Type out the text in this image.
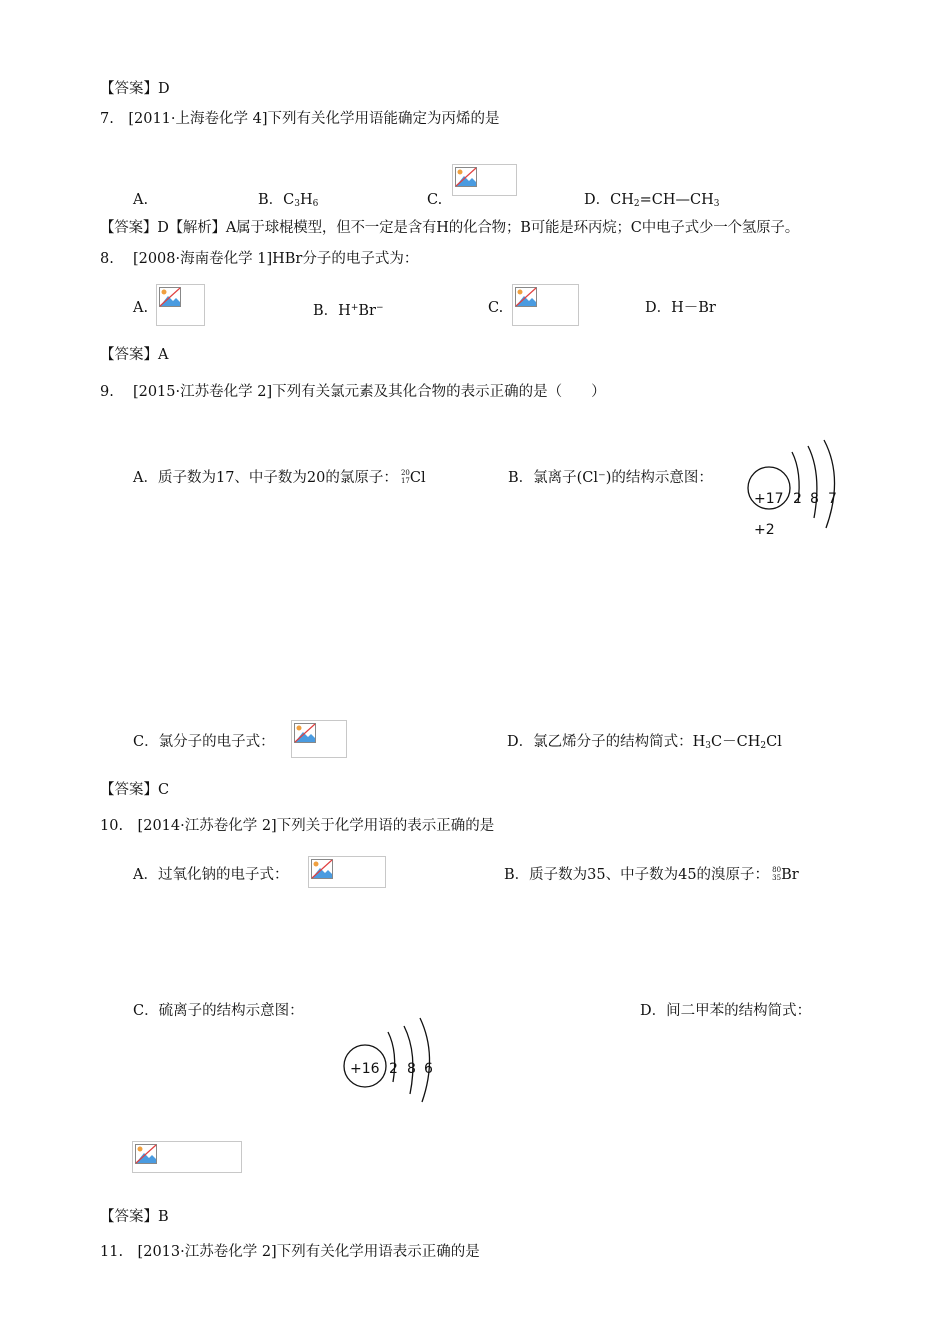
【答案】D
7.　[2011·上海卷化学 4]下列有关化学用语能确定为丙烯的是
A.	B．$C_3H_6$	C.	D．$CH_2=CH—CH_3$
【答案】D【解析】A属于球棍模型，但不一定是含有H的化合物；B可能是环丙烷；C中电子式少一个氢原子。
8.　 [2008·海南卷化学 1]HBr分子的电子式为：
A.	B．H+Br−	C.	D．H－Br
【答案】A
9.　 [2015·江苏卷化学 2]下列有关氯元素及其化合物的表示正确的是（　　）
A．质子数为17、中子数为20的氯原子： 20
17 Cl	B．氯离子(Cl⁻)的结构示意图：
+17 2 8 7
+2
C．氯分子的电子式：	D．氯乙烯分子的结构简式：$H_3C-CH_2Cl$
【答案】C
10.　[2014·江苏卷化学 2]下列关于化学用语的表示正确的是
A．过氧化钠的电子式：	B．质子数为35、中子数为45的溴原子： 80
35 Br
C．硫离子的结构示意图：
+16 2 8 6
D．间二甲苯的结构简式：
【答案】B
11.　[2013·江苏卷化学 2]下列有关化学用语表示正确的是
